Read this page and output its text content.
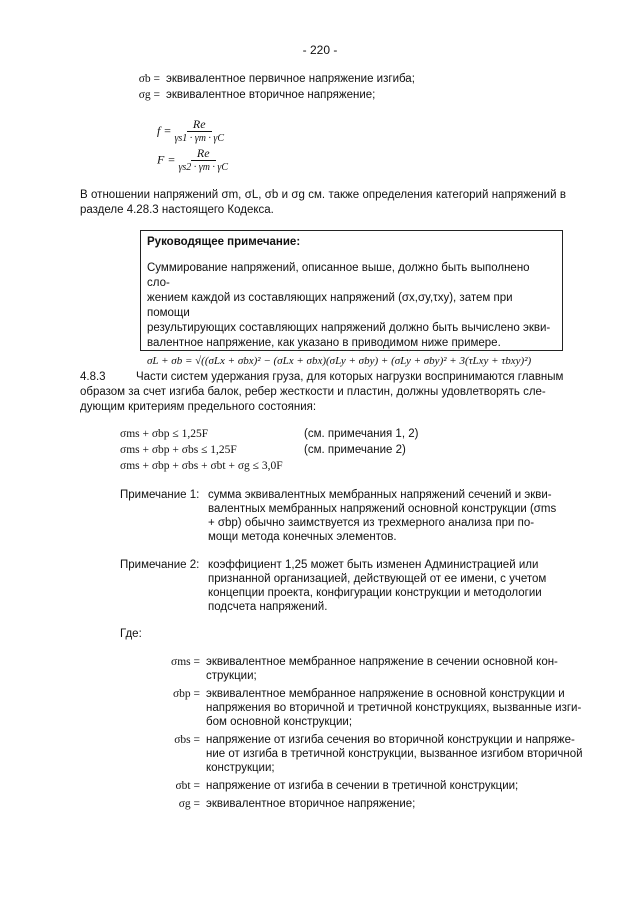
- 220 -
σb = эквивалентное первичное напряжение изгиба;
σg = эквивалентное вторичное напряжение;
$f = \frac{Re}{\gamma s1 \cdot \gamma m \cdot \gamma C}$
$F = \frac{Re}{\gamma s2 \cdot \gamma m \cdot \gamma C}$
В отношении напряжений σm, σL, σb и σg см. также определения категорий напряжений в разделе 4.28.3 настоящего Кодекса.
Руководящее примечание:
Суммирование напряжений, описанное выше, должно быть выполнено сло-
жением каждой из составляющих напряжений (σx,σy,τxy), затем при помощи
результирующих составляющих напряжений должно быть вычислено экви-
валентное напряжение, как указано в приводимом ниже примере.
σL + σb = √((σLx + σbx)² − (σLx + σbx)(σLy + σby) + (σLy + σby)² + 3(τLxy + τbxy)²)
4.8.3	Части систем удержания груза, для которых нагрузки воспринимаются главным
образом за счет изгиба балок, ребер жесткости и пластин, должны удовлетворять сле-
дующим критериям предельного состояния:
σms + σbp ≤ 1,25F	(см. примечания 1, 2)
σms + σbp + σbs ≤ 1,25F	(см. примечание 2)
σms + σbp + σbs + σbt + σg ≤ 3,0F
Примечание 1: сумма эквивалентных мембранных напряжений сечений и экви-
валентных мембранных напряжений основной конструкции (σms
+ σbp) обычно заимствуется из трехмерного анализа при по-
мощи метода конечных элементов.
Примечание 2: коэффициент 1,25 может быть изменен Администрацией или
признанной организацией, действующей от ее имени, с учетом
концепции проекта, конфигурации конструкции и методологии
подсчета напряжений.
Где:
σms = эквивалентное мембранное напряжение в сечении основной кон-
струкции;
σbp = эквивалентное мембранное напряжение в основной конструкции и
напряжения во вторичной и третичной конструкциях, вызванные изги-
бом основной конструкции;
σbs = напряжение от изгиба сечения во вторичной конструкции и напряже-
ние от изгиба в третичной конструкции, вызванное изгибом вторичной
конструкции;
σbt = напряжение от изгиба в сечении в третичной конструкции;
σg = эквивалентное вторичное напряжение;
